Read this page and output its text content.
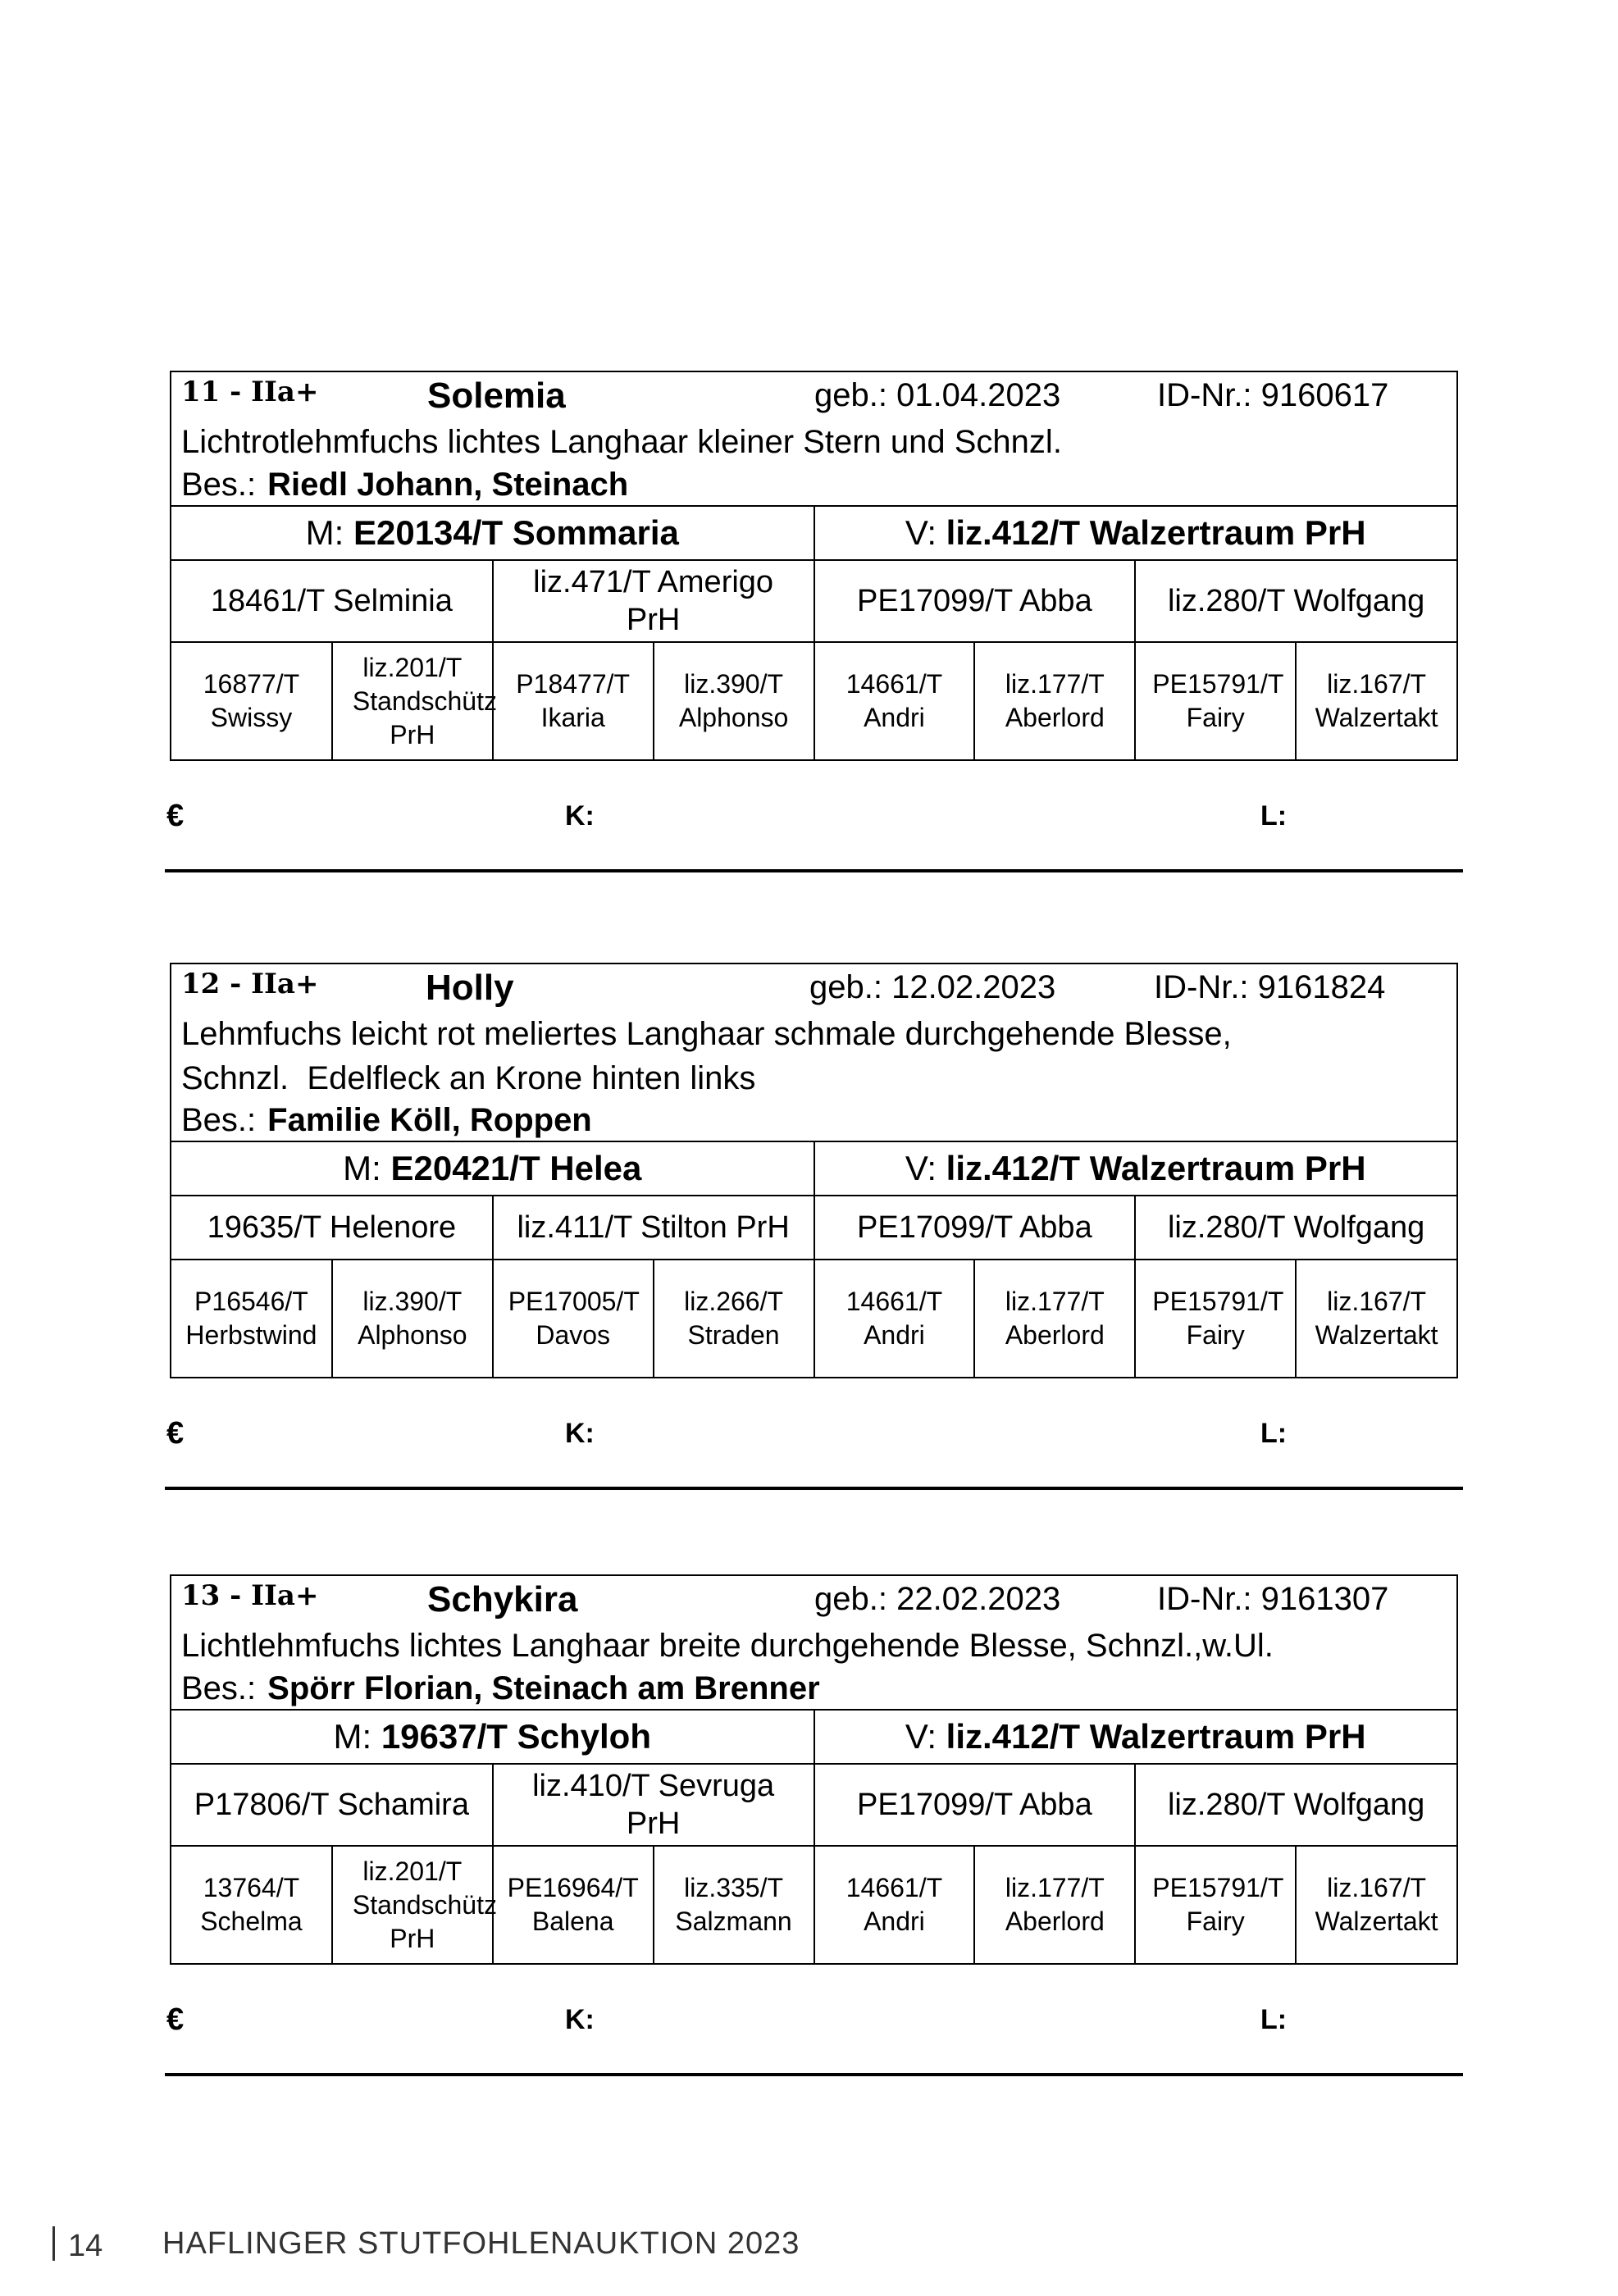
11 - IIa+	Solemia	geb.: 01.04.2023	ID-Nr.: 9160617
Lichtrotlehmfuchs lichtes Langhaar kleiner Stern und Schnzl.
Bes.: Riedl Johann, Steinach
M: E20134/T Sommaria				V: liz.412/T Walzertraum PrH			
18461/T Selminia		liz.471/T Amerigo PrH		PE17099/T Abba		liz.280/T Wolfgang	
16877/T Swissy	liz.201/T Standschütz PrH	P18477/T Ikaria	liz.390/T Alphonso	14661/T Andri	liz.177/T Aberlord	PE15791/T Fairy	liz.167/T Walzertakt
€	K:	L:
12 - IIa+	Holly	geb.: 12.02.2023	ID-Nr.: 9161824
Lehmfuchs leicht rot meliertes Langhaar schmale durchgehende Blesse,
Schnzl.  Edelfleck an Krone hinten links
Bes.: Familie Köll, Roppen
M: E20421/T Helea				V: liz.412/T Walzertraum PrH			
19635/T Helenore		liz.411/T Stilton PrH		PE17099/T Abba		liz.280/T Wolfgang	
P16546/T Herbstwind	liz.390/T Alphonso	PE17005/T Davos	liz.266/T Straden	14661/T Andri	liz.177/T Aberlord	PE15791/T Fairy	liz.167/T Walzertakt
€	K:	L:
13 - IIa+	Schykira	geb.: 22.02.2023	ID-Nr.: 9161307
Lichtlehmfuchs lichtes Langhaar breite durchgehende Blesse, Schnzl.,w.Ul.
Bes.: Spörr Florian, Steinach am Brenner
M: 19637/T Schyloh				V: liz.412/T Walzertraum PrH			
P17806/T Schamira		liz.410/T Sevruga PrH		PE17099/T Abba		liz.280/T Wolfgang	
13764/T Schelma	liz.201/T Standschütz PrH	PE16964/T Balena	liz.335/T Salzmann	14661/T Andri	liz.177/T Aberlord	PE15791/T Fairy	liz.167/T Walzertakt
€	K:	L:
14 HAFLINGER STUTFOHLENAUKTION 2023
